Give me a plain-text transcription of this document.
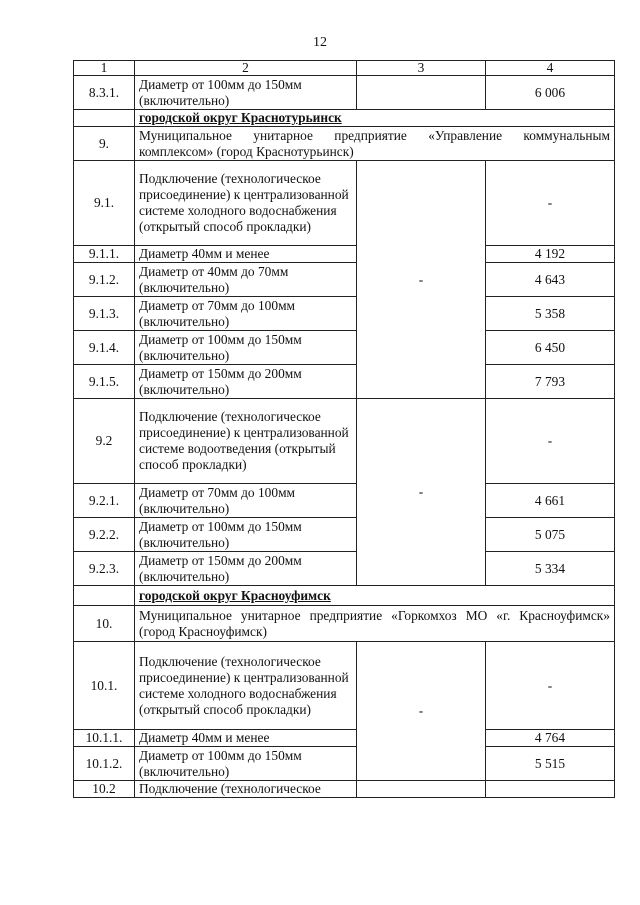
12
1	2	3	4
8.3.1.	Диаметр от 100мм до 150мм (включительно)		6 006
	городской округ Краснотурьинск		
9.	Муниципальное унитарное предприятие «Управление коммунальным комплексом» (город Краснотурьинск)		
9.1.	Подключение (технологическое присоединение) к централизованной системе холодного водоснабжения (открытый способ прокладки)	-	-
9.1.1.	Диаметр 40мм и менее		4 192
9.1.2.	Диаметр от 40мм до 70мм (включительно)		4 643
9.1.3.	Диаметр от 70мм до 100мм (включительно)		5 358
9.1.4.	Диаметр от 100мм до 150мм (включительно)		6 450
9.1.5.	Диаметр от 150мм до 200мм (включительно)		7 793
9.2	Подключение (технологическое присоединение) к централизованной системе водоотведения (открытый способ прокладки)	-	-
9.2.1.	Диаметр от 70мм до 100мм (включительно)		4 661
9.2.2.	Диаметр от 100мм до 150мм (включительно)		5 075
9.2.3.	Диаметр от 150мм до 200мм (включительно)		5 334
	городской округ Красноуфимск		
10.	Муниципальное унитарное предприятие «Горкомхоз МО «г. Красноуфимск» (город Красноуфимск)		
10.1.	Подключение (технологическое присоединение) к централизованной системе холодного водоснабжения (открытый способ прокладки)	-	-
10.1.1.	Диаметр 40мм и менее		4 764
10.1.2.	Диаметр от 100мм до 150мм (включительно)		5 515
10.2	Подключение (технологическое		
